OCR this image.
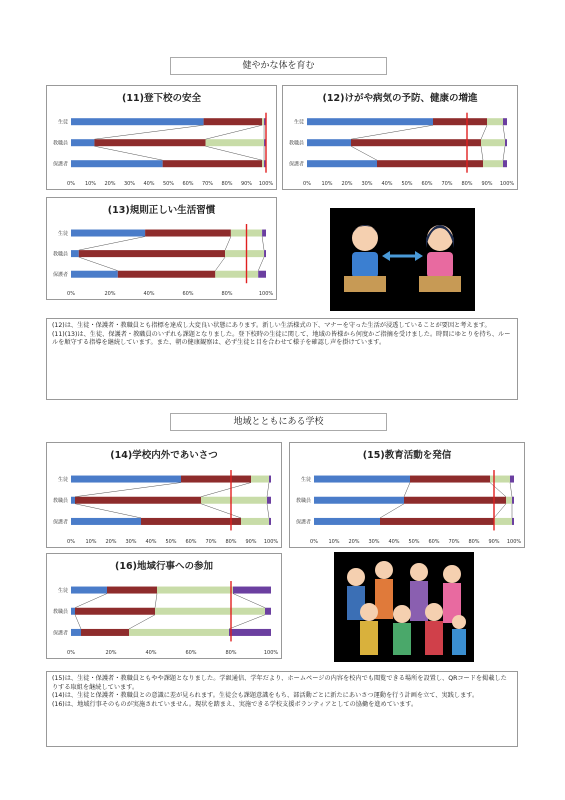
健やかな体を育む
(11)登下校の安全
生徒
教職員
保護者
0% 10% 20% 30% 40% 50% 60% 70% 80% 90% 100%
(12)けがや病気の予防、健康の増進
生徒
教職員
保護者
0% 10% 20% 30% 40% 50% 60% 70% 80% 90% 100%
(13)規則正しい生活習慣
生徒
教職員
保護者
0%	20%	40%	60%	80%	100%

(12)は、生徒・保護者・教職員とも指標を達成し大変良い状態にあります。新しい生活様式の下、マナーを守った生活が浸透していることが要因と考えます。

(11)(13)は、生徒、保護者・教職員のいずれも課題となりました。登下校時の生徒に関して、地域の皆様から何度かご指摘を受けました。時間にゆとりを持ち、ルールを順守する指導を継続しています。また、朝の健康観察は、必ず生徒と目を合わせて様子を確認し声を掛けています。

地域とともにある学校
(14)学校内外であいさつ
生徒
教職員
保護者
0% 10% 20% 30% 40% 50% 60% 70% 80% 90% 100%
(15)教育活動を発信
生徒
教職員
保護者
0% 10% 20% 30% 40% 50% 60% 70% 80% 90% 100%
(16)地域行事への参加
生徒
教職員
保護者
0%	20%	40%	60%	80%	100%

(15)は、生徒・保護者・教職員ともやや課題となりました。学級通信、学年だより、ホームページの内容を校内でも閲覧できる場所を設置し、QRコードを掲載したりする取組を継続しています。

(14)は、生徒と保護者・教職員との意識に差が見られます。生徒会も課題意識をもち、部活動ごとに新たにあいさつ運動を行う計画を立て、実践します。

(16)は、地域行事そのものが実施されていません。現状を踏まえ、実施できる学校支援ボランティアとしての協働を進めています。
